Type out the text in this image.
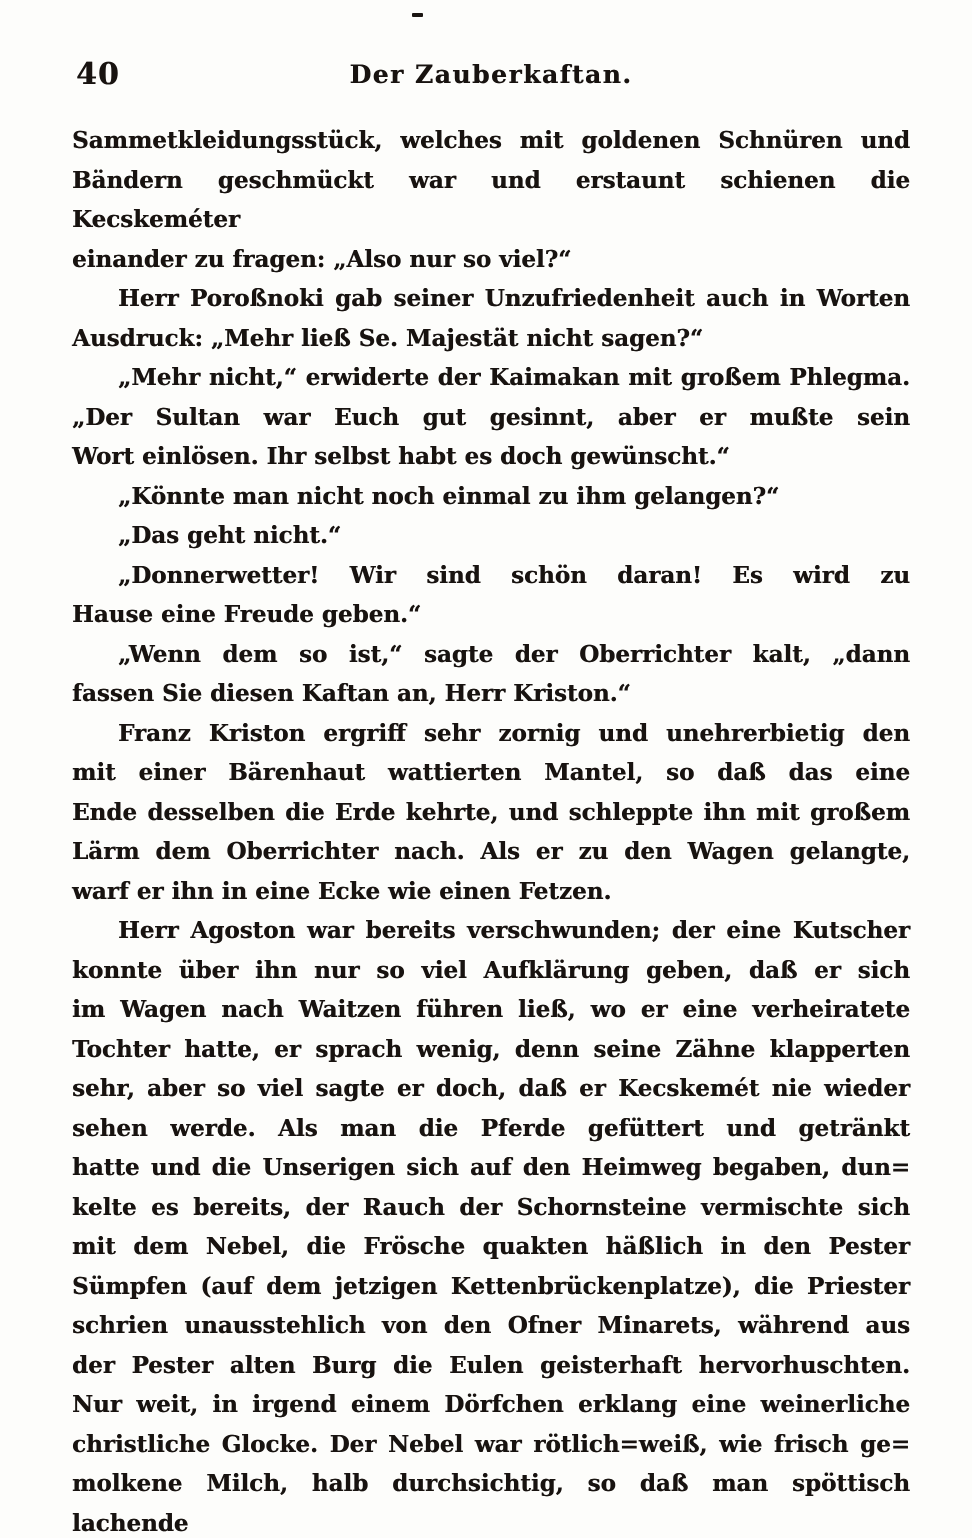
40	Der Zauberkaftan.

Sammetkleidungsstück, welches mit goldenen Schnüren und
Bändern geschmückt war und erstaunt schienen die Kecskeméter
einander zu fragen: „Also nur so viel?“

Herr Poroßnoki gab seiner Unzufriedenheit auch in Worten
Ausdruck: „Mehr ließ Se. Majestät nicht sagen?“

„Mehr nicht,“ erwiderte der Kaimakan mit großem Phlegma.
„Der Sultan war Euch gut gesinnt, aber er mußte sein
Wort einlösen. Ihr selbst habt es doch gewünscht.“

„Könnte man nicht noch einmal zu ihm gelangen?“

„Das geht nicht.“

„Donnerwetter! Wir sind schön daran! Es wird zu
Hause eine Freude geben.“

„Wenn dem so ist,“ sagte der Oberrichter kalt, „dann
fassen Sie diesen Kaftan an, Herr Kriston.“

Franz Kriston ergriff sehr zornig und unehrerbietig den
mit einer Bärenhaut wattierten Mantel, so daß das eine
Ende desselben die Erde kehrte, und schleppte ihn mit großem
Lärm dem Oberrichter nach. Als er zu den Wagen gelangte,
warf er ihn in eine Ecke wie einen Fetzen.

Herr Agoston war bereits verschwunden; der eine Kutscher
konnte über ihn nur so viel Aufklärung geben, daß er sich
im Wagen nach Waitzen führen ließ, wo er eine verheiratete
Tochter hatte, er sprach wenig, denn seine Zähne klapperten
sehr, aber so viel sagte er doch, daß er Kecskemét nie wieder
sehen werde. Als man die Pferde gefüttert und getränkt
hatte und die Unserigen sich auf den Heimweg begaben, dun=
kelte es bereits, der Rauch der Schornsteine vermischte sich
mit dem Nebel, die Frösche quakten häßlich in den Pester
Sümpfen (auf dem jetzigen Kettenbrückenplatze), die Priester
schrien unausstehlich von den Ofner Minarets, während aus
der Pester alten Burg die Eulen geisterhaft hervorhuschten.
Nur weit, in irgend einem Dörfchen erklang eine weinerliche
christliche Glocke. Der Nebel war rötlich=weiß, wie frisch ge=
molkene Milch, halb durchsichtig, so daß man spöttisch lachende
